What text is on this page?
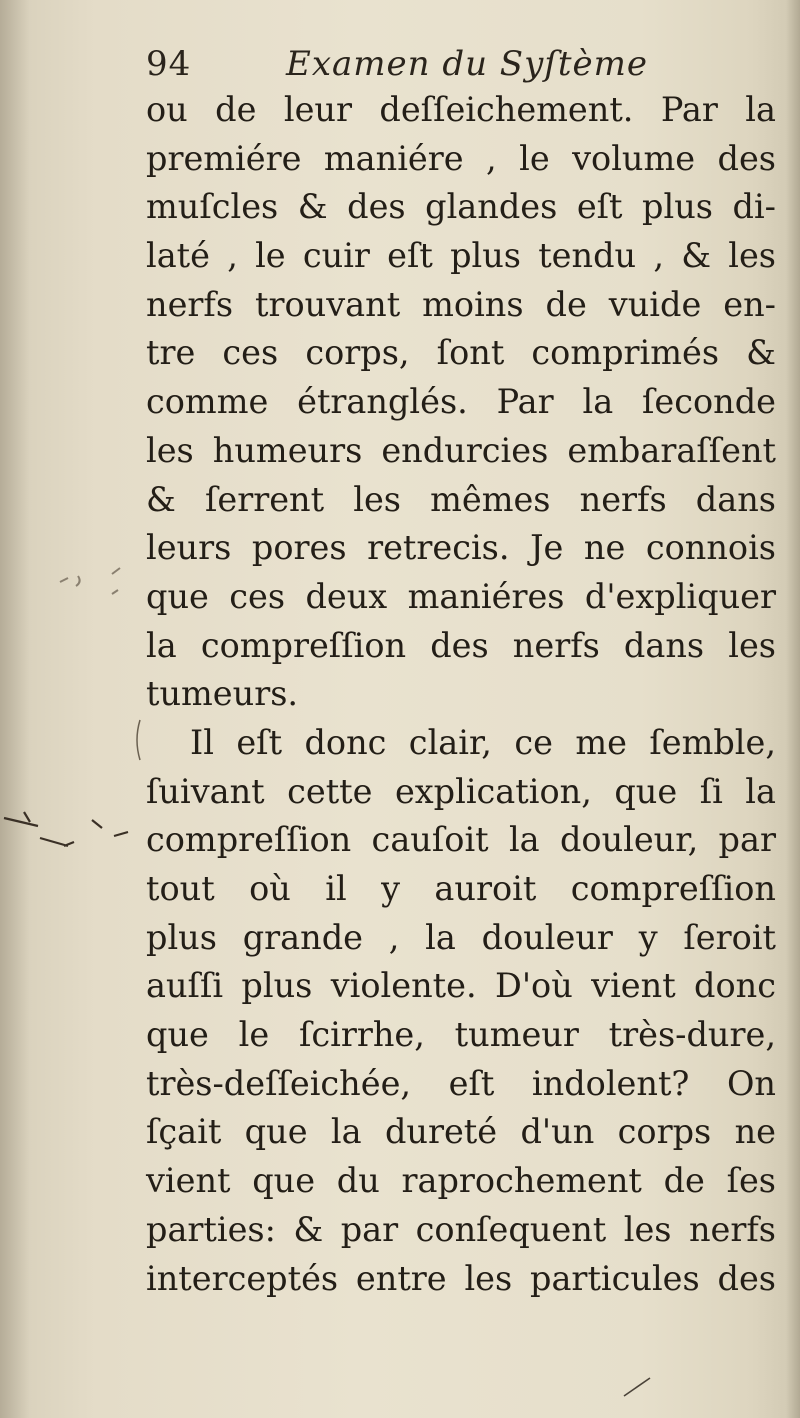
94	Examen du Syſtème
ou de leur deſſeichement. Par la
premiére maniére , le volume des
muſcles & des glandes eſt plus di-
laté , le cuir eſt plus tendu , & les
nerfs trouvant moins de vuide en-
tre ces corps, ſont comprimés &
comme étranglés. Par la ſeconde
les humeurs endurcies embaraſſent
& ſerrent les mêmes nerfs dans
leurs pores retrecis. Je ne connois
que ces deux maniéres d'expliquer
la compreſſion des nerfs dans les
tumeurs.
Il eſt donc clair, ce me ſemble,
ſuivant cette explication, que ſi la
compreſſion cauſoit la douleur, par
tout où il y auroit compreſſion
plus grande , la douleur y ſeroit
auſſi plus violente. D'où vient donc
que le ſcirrhe, tumeur très-dure,
très-deſſeichée, eſt indolent? On
ſçait que la dureté d'un corps ne
vient que du raprochement de ſes
parties: & par conſequent les nerfs
interceptés entre les particules des
